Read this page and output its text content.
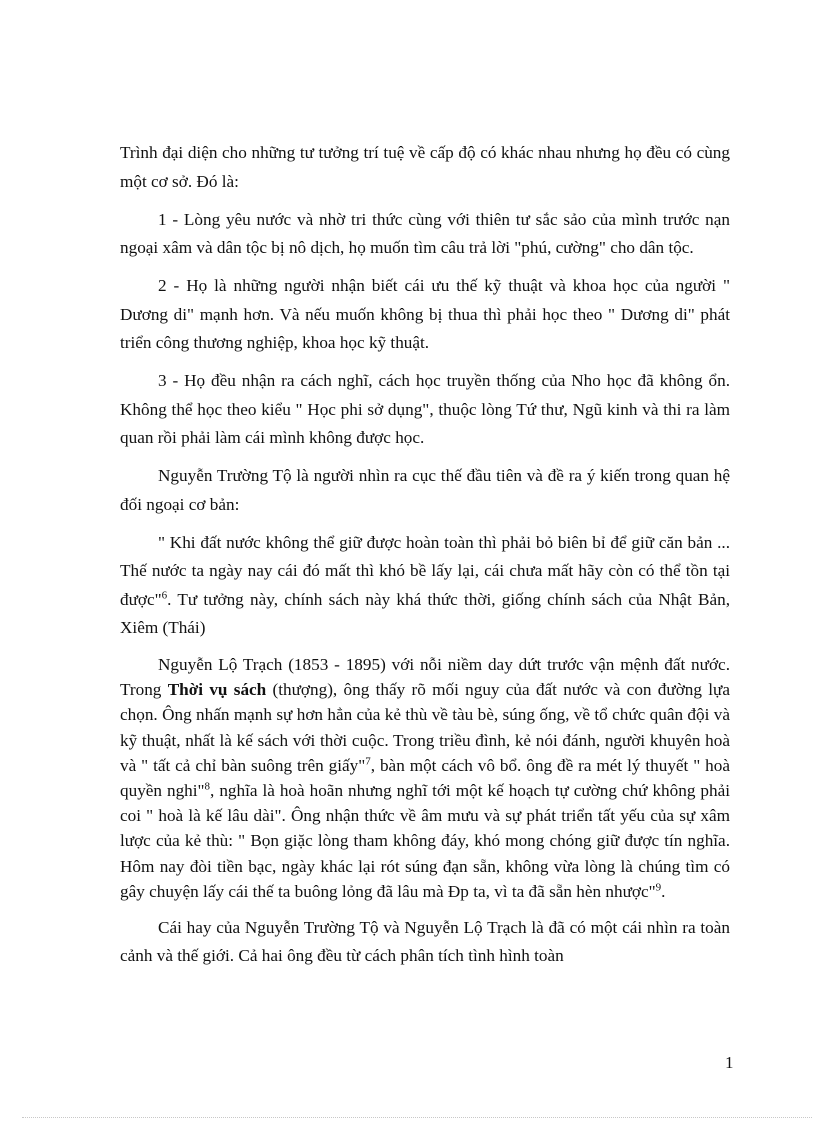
Trình đại diện cho những tư tưởng trí tuệ về cấp độ có khác nhau nhưng họ đều có cùng một cơ sở. Đó là:

1 - Lòng yêu nước và nhờ tri thức cùng với thiên tư sắc sảo của mình trước nạn ngoại xâm và dân tộc bị nô dịch, họ muốn tìm câu trả lời "phú, cường" cho dân tộc.

2 - Họ là những người nhận biết cái ưu thế kỹ thuật và khoa học của người " Dương di" mạnh hơn. Và nếu muốn không bị thua thì phải học theo " Dương di" phát triển công thương nghiệp, khoa học kỹ thuật.

3 - Họ đều nhận ra cách nghĩ, cách học truyền thống của Nho học đã không ổn. Không thể học theo kiểu " Học phi sở dụng", thuộc lòng Tứ thư, Ngũ kinh và thi ra làm quan rồi phải làm cái mình không được học.

Nguyễn Trường Tộ là người nhìn ra cục thế đầu tiên và đề ra ý kiến trong quan hệ đối ngoại cơ bản:

" Khi đất nước không thể giữ được hoàn toàn thì phải bỏ biên bỉ để giữ căn bản ... Thế nước ta ngày nay cái đó mất thì khó bề lấy lại, cái chưa mất hãy còn có thể tồn tại được"$^6$. Tư tưởng này, chính sách này khá thức thời, giống chính sách của Nhật Bản, Xiêm (Thái)

Nguyễn Lộ Trạch (1853 - 1895) với nỗi niềm day dứt trước vận mệnh đất nước. Trong Thời vụ sách (thượng), ông thấy rõ mối nguy của đất nước và con đường lựa chọn. Ông nhấn mạnh sự hơn hẳn của kẻ thù về tàu bè, súng ống, về tổ chức quân đội và kỹ thuật, nhất là kế sách với thời cuộc. Trong triều đình, kẻ nói đánh, người khuyên hoà và " tất cả chỉ bàn suông trên giấy"$^7$, bàn một cách vô bổ. ông đề ra mét lý thuyết " hoà quyền nghi"$^8$, nghĩa là hoà hoãn nhưng nghĩ tới một kế hoạch tự cường chứ không phải coi " hoà là kế lâu dài". Ông nhận thức về âm mưu và sự phát triển tất yếu của sự xâm lược của kẻ thù: " Bọn giặc lòng tham không đáy, khó mong chóng giữ được tín nghĩa. Hôm nay đòi tiền bạc, ngày khác lại rót súng đạn sẵn, không vừa lòng là chúng tìm có gây chuyện lấy cái thế ta buông lỏng đã lâu mà Đp ta, vì ta đã sẵn hèn nhược"$^9$.

Cái hay của Nguyễn Trường Tộ và Nguyễn Lộ Trạch là đã có một cái nhìn ra toàn cảnh và thế giới. Cả hai ông đều từ cách phân tích tình hình toàn

1
